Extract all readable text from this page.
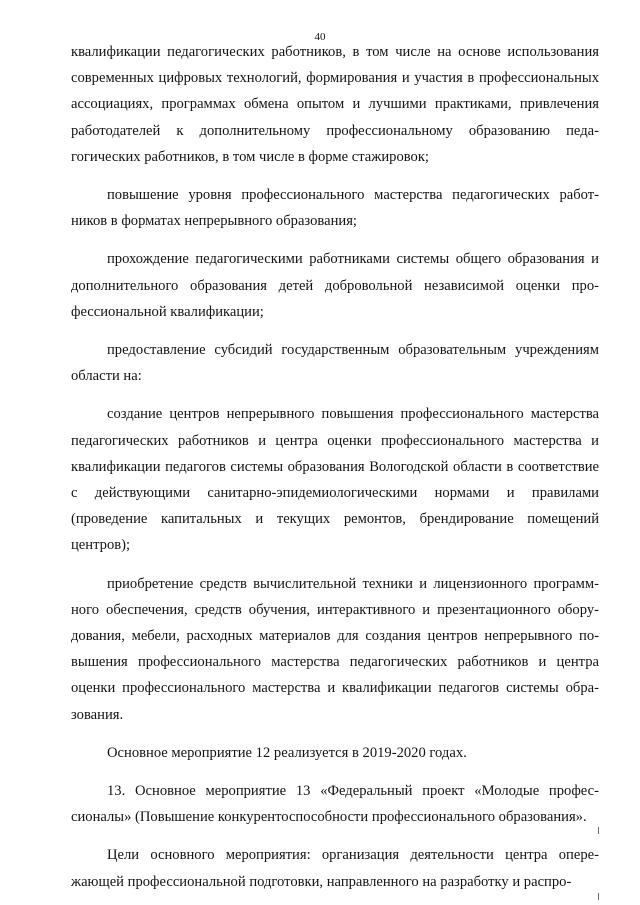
40

квалификации педагогических работников, в том числе на основе использования современных цифровых технологий, формирования и участия в профессиональных ассоциациях, программах обмена опытом и лучшими практиками, привлечения работодателей к дополнительному профессиональному образованию педагогических работников, в том числе в форме стажировок;

повышение уровня профессионального мастерства педагогических работников в форматах непрерывного образования;

прохождение педагогическими работниками системы общего образования и дополнительного образования детей добровольной независимой оценки профессиональной квалификации;

предоставление субсидий государственным образовательным учреждениям области на:

создание центров непрерывного повышения профессионального мастерства педагогических работников и центра оценки профессионального мастерства и квалификации педагогов системы образования Вологодской области в соответствие с действующими санитарно-эпидемиологическими нормами и правилами (проведение капитальных и текущих ремонтов, брендирование помещений центров);

приобретение средств вычислительной техники и лицензионного программного обеспечения, средств обучения, интерактивного и презентационного оборудования, мебели, расходных материалов для создания центров непрерывного повышения профессионального мастерства педагогических работников и центра оценки профессионального мастерства и квалификации педагогов системы образования.

Основное мероприятие 12 реализуется в 2019-2020 годах.

13. Основное мероприятие 13 «Федеральный проект «Молодые профессионалы» (Повышение конкурентоспособности профессионального образования».

Цели основного мероприятия: организация деятельности центра опережающей профессиональной подготовки, направленного на разработку и распро-
